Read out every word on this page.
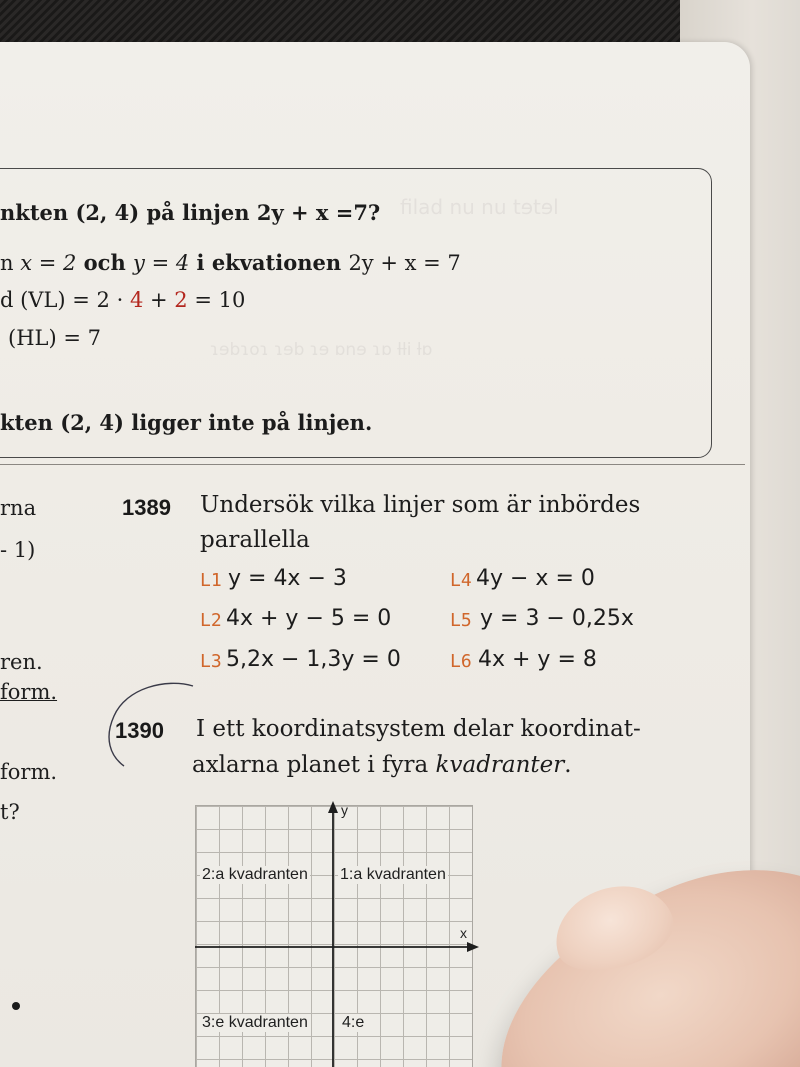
ﬁlad nu nu tɘtɘl
ɿɘbɿoɿ ɿɘb ɿɘ ɒnɘ ɿɒ ƚƚi ƚɒ
nkten (2, 4) på linjen 2y + x =7?
n x = 2 och y = 4 i ekvationen 2y + x = 7
d (VL) = 2 · 4 + 2 = 10
(HL) = 7
kten (2, 4) ligger inte på linjen.
rna
- 1)
ren.
form.
form.
t?
1389 Undersök vilka linjer som är inbördes
parallella
L1 y = 4x − 3
L2 4x + y − 5 = 0
L3 5,2x − 1,3y = 0
L4 4y − x = 0
L5 y = 3 − 0,25x
L6 4x + y = 8
1390 I ett koordinatsystem delar koordinat-
axlarna planet i fyra kvadranter.
y
x
2:a kvadranten 1:a kvadranten
3:e kvadranten 4:e
